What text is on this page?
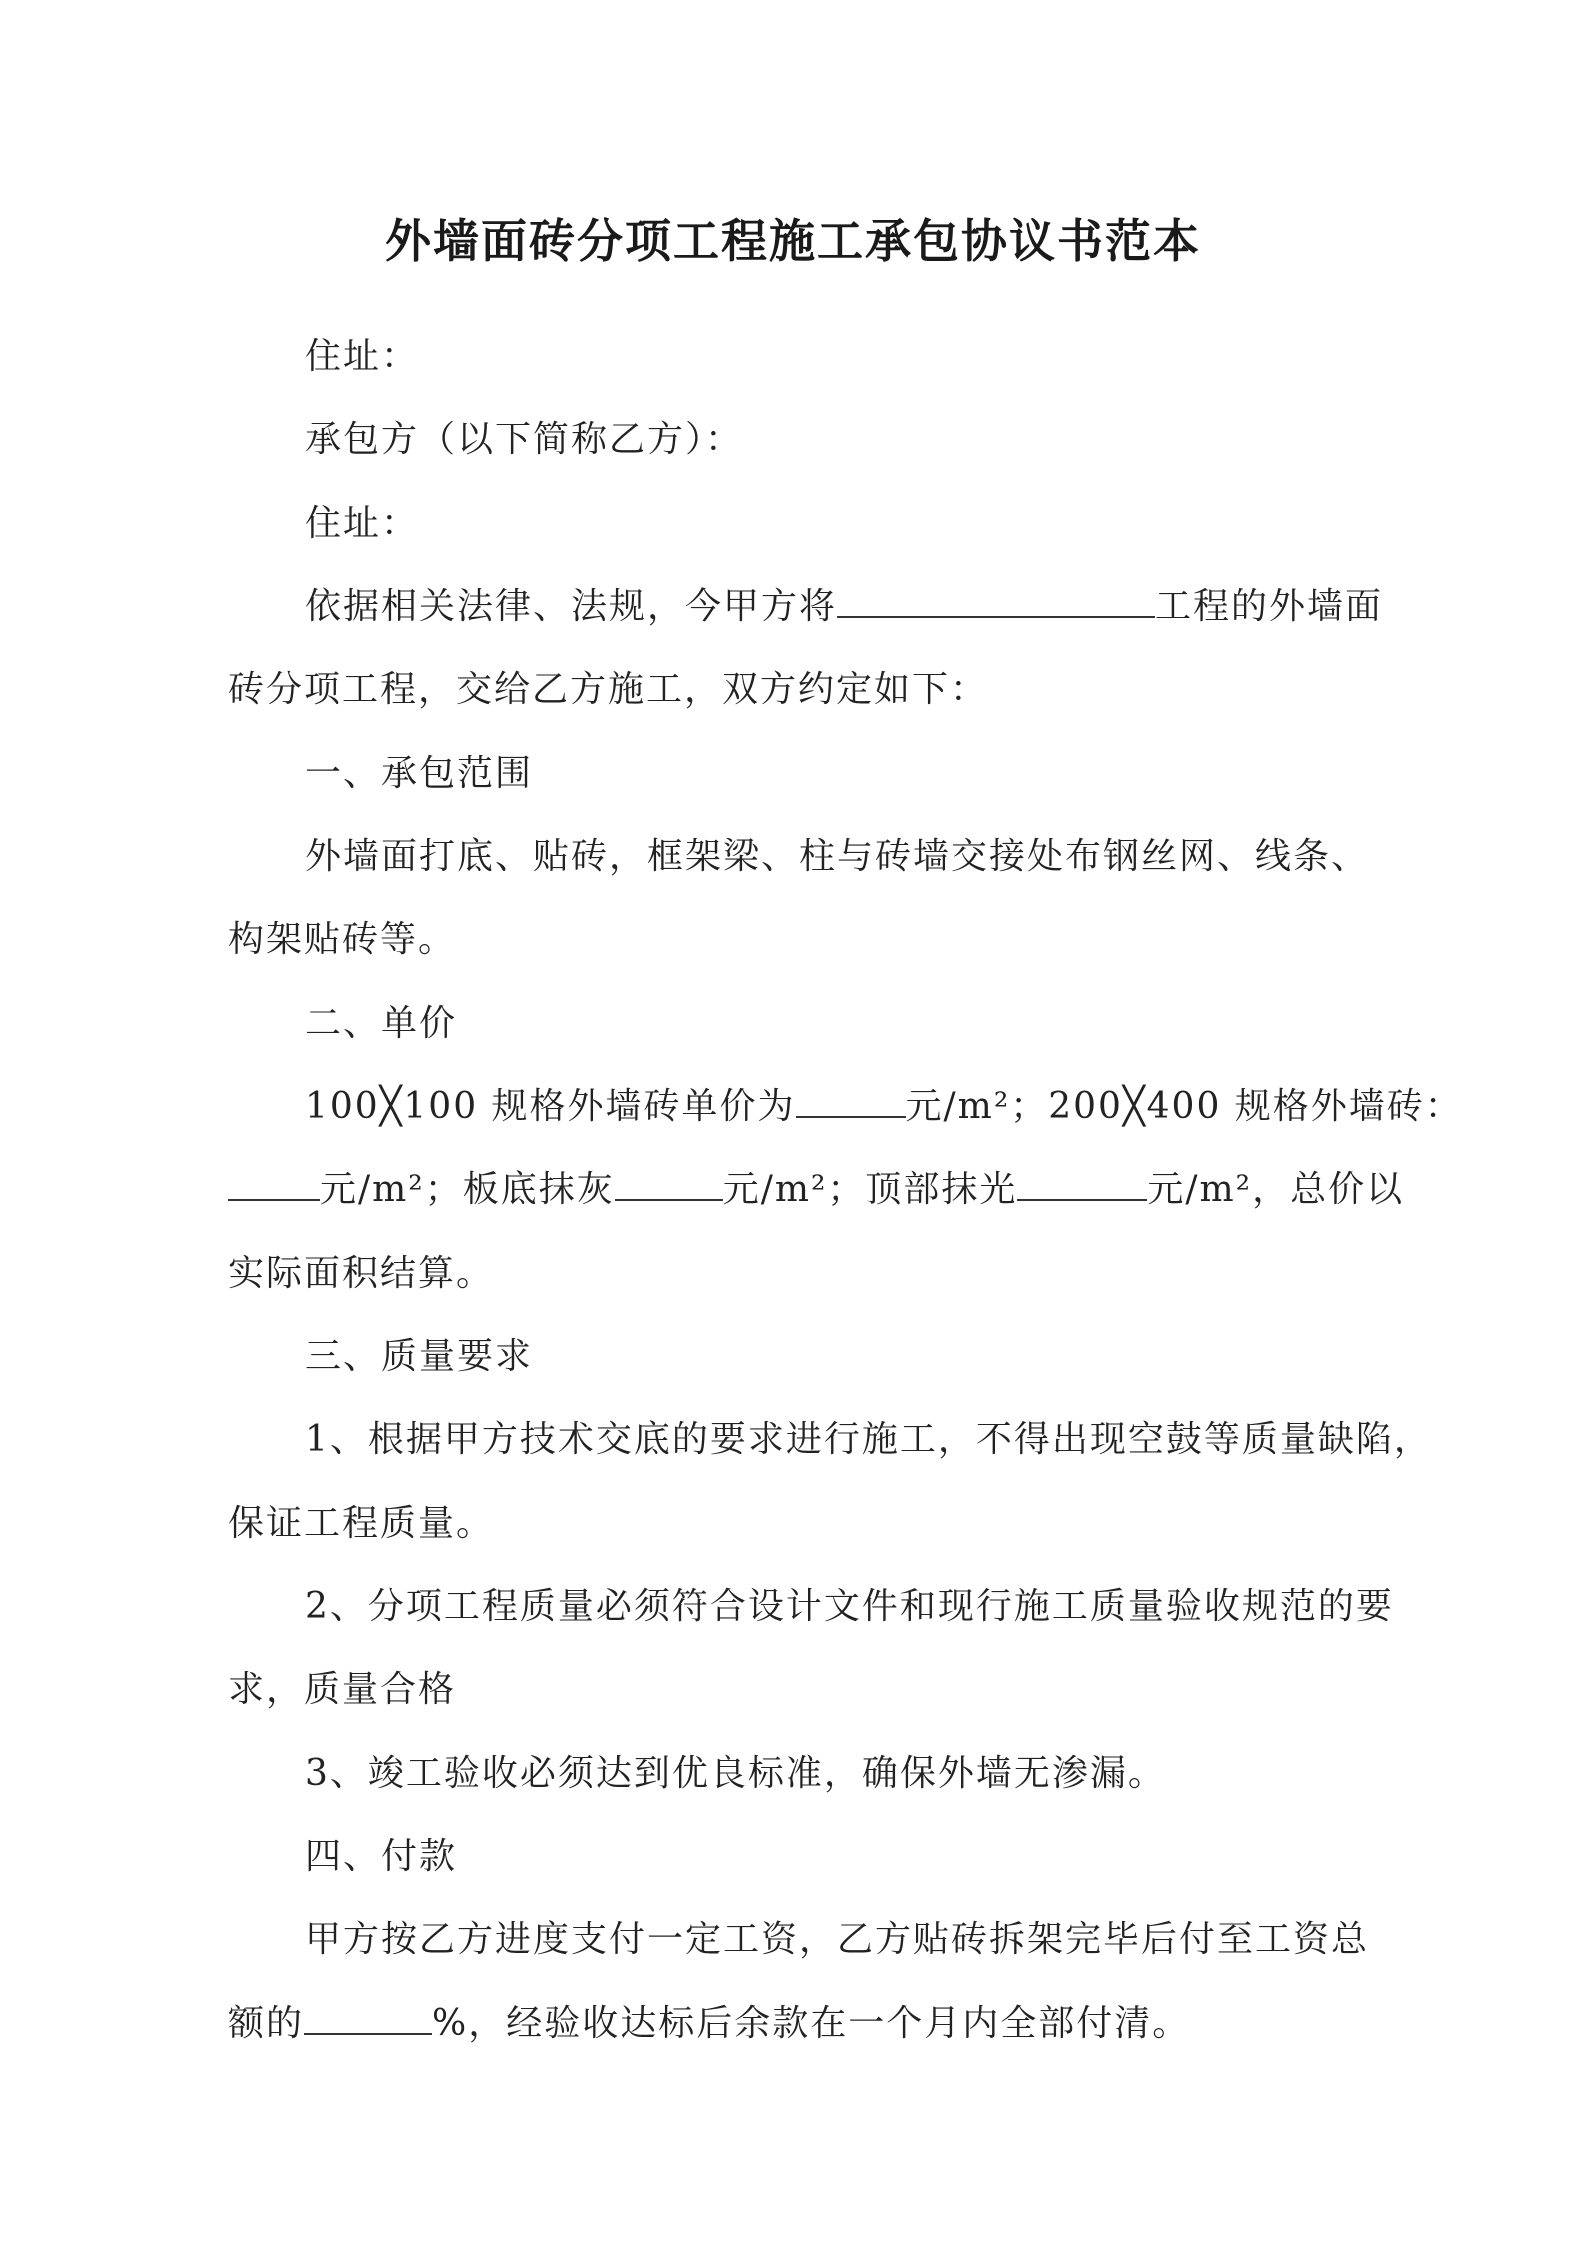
外墙面砖分项工程施工承包协议书范本
住址：
承包方（以下简称乙方）：
住址：
依据相关法律、法规，今甲方将	工程的外墙面
砖分项工程，交给乙方施工，双方约定如下：
一、承包范围
外墙面打底、贴砖，框架梁、柱与砖墙交接处布钢丝网、线条、
构架贴砖等。
二、单价
100╳100 规格外墙砖单价为	元/m²；200╳400 规格外墙砖：
元/m²；板底抹灰	元/m²；顶部抹光	元/m²，总价以
实际面积结算。
三、质量要求
1、根据甲方技术交底的要求进行施工，不得出现空鼓等质量缺陷，
保证工程质量。
2、分项工程质量必须符合设计文件和现行施工质量验收规范的要
求，质量合格
3、竣工验收必须达到优良标准，确保外墙无渗漏。
四、付款
甲方按乙方进度支付一定工资，乙方贴砖拆架完毕后付至工资总
额的	%，经验收达标后余款在一个月内全部付清。
